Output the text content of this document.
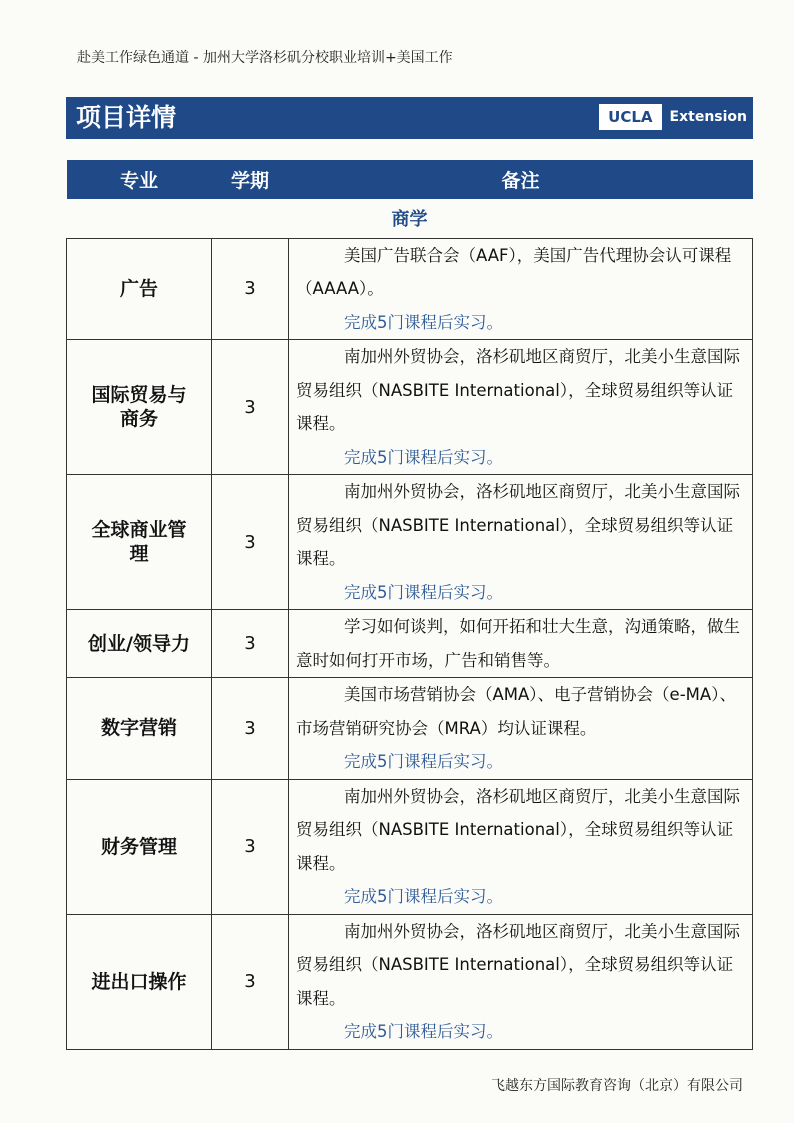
赴美工作绿色通道 - 加州大学洛杉矶分校职业培训+美国工作
项目详情	UCLA	Extension
专业	学期	备注
商学		
广告	3	美国广告联合会（AAF），美国广告代理协会认可课程（AAAA）。
完成5门课程后实习。

国际贸易与商务	3	南加州外贸协会，洛杉矶地区商贸厅，北美小生意国际贸易组织（NASBITE International），全球贸易组织等认证课程。
完成5门课程后实习。

全球商业管理	3	南加州外贸协会，洛杉矶地区商贸厅，北美小生意国际贸易组织（NASBITE International），全球贸易组织等认证课程。
完成5门课程后实习。

创业/领导力	3	学习如何谈判，如何开拓和壮大生意，沟通策略，做生意时如何打开市场，广告和销售等。

数字营销	3	美国市场营销协会（AMA）、电子营销协会（e-MA）、市场营销研究协会（MRA）均认证课程。
完成5门课程后实习。

财务管理	3	南加州外贸协会，洛杉矶地区商贸厅，北美小生意国际贸易组织（NASBITE International），全球贸易组织等认证课程。
完成5门课程后实习。

进出口操作	3	南加州外贸协会，洛杉矶地区商贸厅，北美小生意国际贸易组织（NASBITE International），全球贸易组织等认证课程。
完成5门课程后实习。
飞越东方国际教育咨询（北京）有限公司
